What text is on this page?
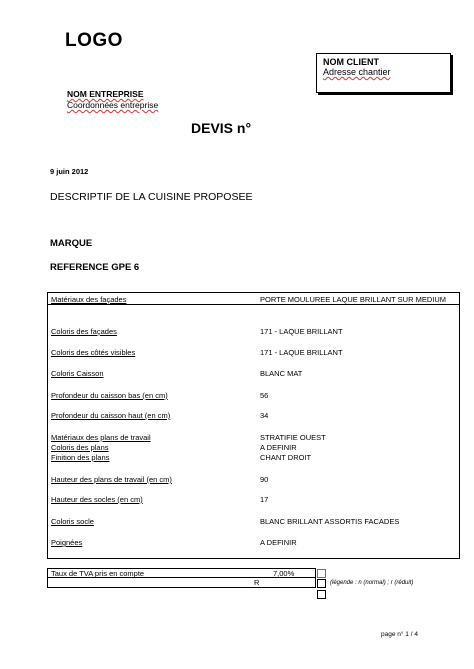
LOGO
NOM CLIENT
Adresse chantier
NOM ENTREPRISE
Coordonnées entreprise
DEVIS n°
9 juin 2012
DESCRIPTIF DE LA CUISINE PROPOSEE
MARQUE
REFERENCE GPE 6
Matériaux des façades	PORTE MOULUREE LAQUE BRILLANT SUR MEDIUM
Coloris des façades	171 - LAQUE BRILLANT
Coloris des côtés visibles	171 - LAQUE BRILLANT
Coloris Caisson	BLANC MAT
Profondeur du caisson bas (en cm)	56
Profondeur du caisson haut (en cm)	34
Matériaux des plans de travail	STRATIFIE OUEST
Coloris des plans	A DEFINIR
Finition des plans	CHANT DROIT
Hauteur des plans de travail (en cm)	90
Hauteur des socles (en cm)	17
Coloris socle	BLANC BRILLANT ASSORTIS FACADES
Poignées	A DEFINIR
Taux de TVA pris en compte	7,00%
R	(légende : n (normal) ; r (réduit)
page n° 1 / 4
